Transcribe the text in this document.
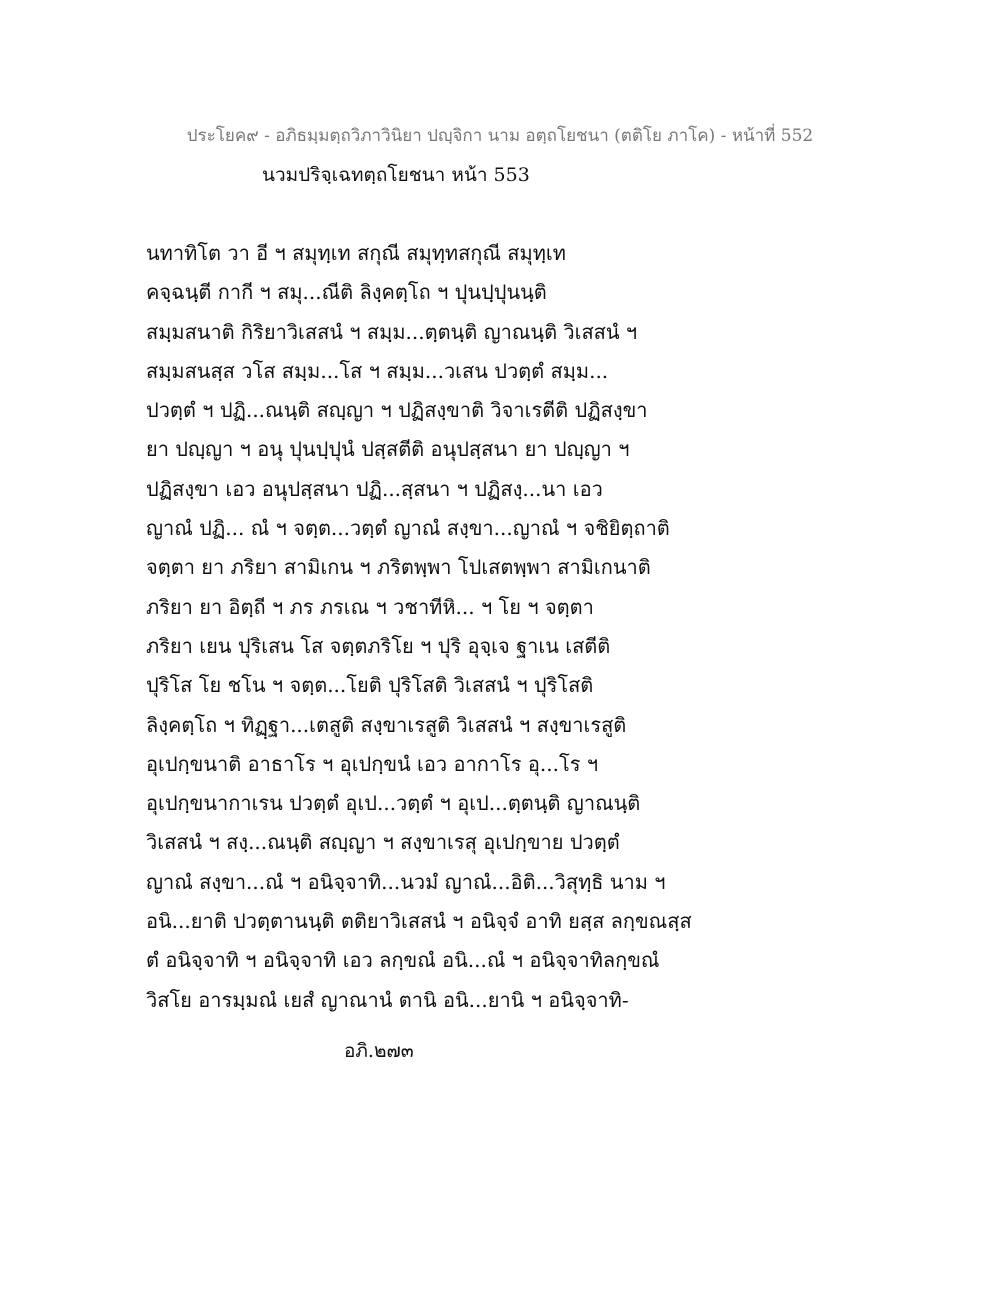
ประโยค๙ - อภิธมฺมตฺถวิภาวินิยา ปญฺจิกา นาม อตฺถโยชนา (ตติโย ภาโค) - หน้าที่ 552
นวมปริจฺเฉทตฺถโยชนา หน้า 553
นทาทิโต วา อี ฯ สมุทฺเท สกุณี สมุทฺทสกุณี สมุทฺเท
คจฺฉนฺตี กากี ฯ สมุ...ณีติ ลิงฺคตฺโถ ฯ ปุนปฺปุนนฺติ
สมฺมสนาติ กิริยาวิเสสนํ ฯ สมฺม...ตฺตนฺติ ญาณนฺติ วิเสสนํ ฯ
สมฺมสนสฺส วโส สมฺม...โส ฯ สมฺม...วเสน ปวตฺตํ สมฺม...
ปวตฺตํ ฯ ปฏิ...ณนฺติ สญฺญา ฯ ปฏิสงฺขาติ วิจาเรตีติ ปฏิสงฺขา
ยา ปญฺญา ฯ อนุ ปุนปฺปุนํ ปสฺสตีติ อนุปสฺสนา ยา ปญฺญา ฯ
ปฏิสงฺขา เอว อนุปสฺสนา ปฏิ...สฺสนา ฯ ปฏิสงฺ...นา เอว
ญาณํ ปฏิ... ณํ ฯ จตฺต...วตฺตํ ญาณํ สงฺขา...ญาณํ ฯ จชิยิตฺถาติ
จตฺตา ยา ภริยา สามิเกน ฯ ภริตพฺพา โปเสตพฺพา สามิเกนาติ
ภริยา ยา อิตฺถี ฯ ภร ภรเณ ฯ วชาทีหิ... ฯ โย ฯ จตฺตา
ภริยา เยน ปุริเสน โส จตฺตภริโย ฯ ปุริ อุจฺเจ ฐาเน เสตีติ
ปุริโส โย ชโน ฯ จตฺต...โยติ ปุริโสติ วิเสสนํ ฯ ปุริโสติ
ลิงฺคตฺโถ ฯ ทิฏฺฐา...เตสูติ สงฺขาเรสูติ วิเสสนํ ฯ สงฺขาเรสูติ
อุเปกฺขนาติ อาธาโร ฯ อุเปกฺขนํ เอว อากาโร อุ...โร ฯ
อุเปกฺขนากาเรน ปวตฺตํ อุเป...วตฺตํ ฯ อุเป...ตฺตนฺติ ญาณนฺติ
วิเสสนํ ฯ สงฺ...ณนฺติ สญฺญา ฯ สงฺขาเรสุ อุเปกฺขาย ปวตฺตํ
ญาณํ สงฺขา...ณํ ฯ อนิจฺจาทิ...นวมํ ญาณํ...อิติ...วิสุทฺธิ นาม ฯ
อนิ...ยาติ ปวตฺตานนฺติ ตติยาวิเสสนํ ฯ อนิจฺจํ อาทิ ยสฺส ลกฺขณสฺส
ตํ อนิจฺจาทิ ฯ อนิจฺจาทิ เอว ลกฺขณํ อนิ...ณํ ฯ อนิจฺจาทิลกฺขณํ
วิสโย อารมฺมณํ เยสํ ญาณานํ ตานิ อนิ...ยานิ ฯ อนิจฺจาทิ-
อภิ.๒๗๓
